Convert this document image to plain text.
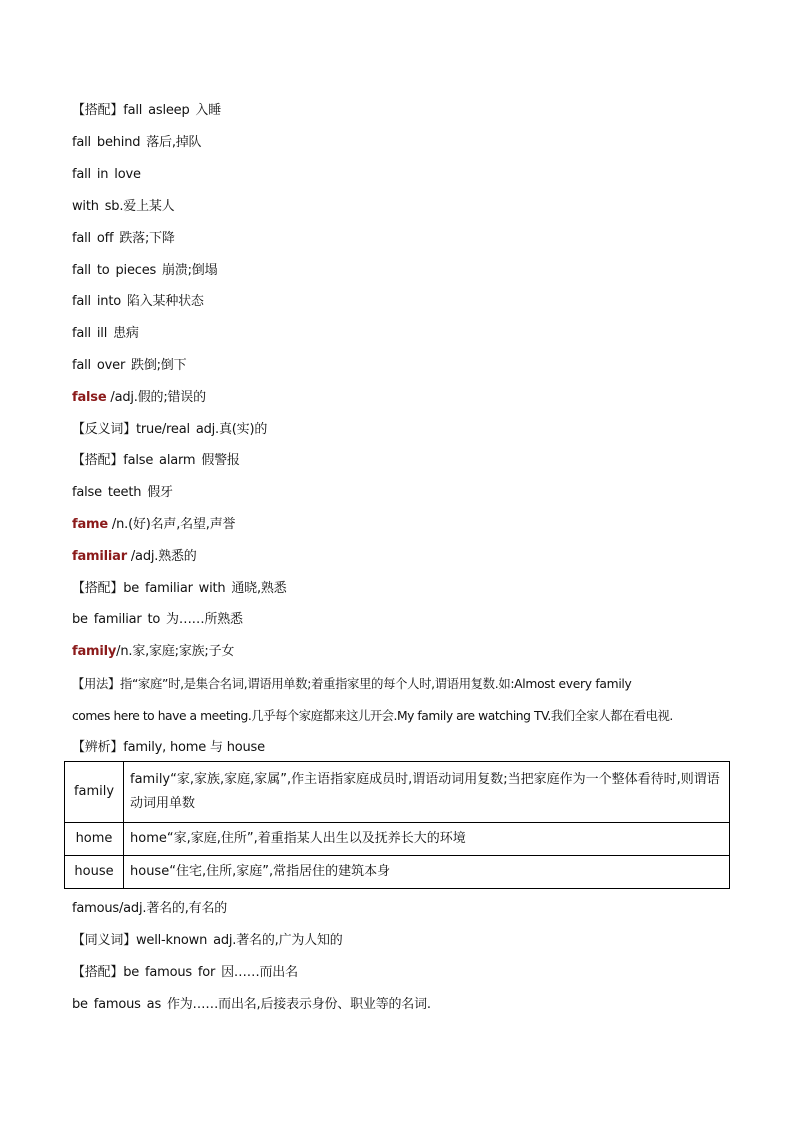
【搭配】fall asleep 入睡
fall behind 落后,掉队
fall in love
with sb.爱上某人
fall off 跌落;下降
fall to pieces 崩溃;倒塌
fall into 陷入某种状态
fall ill 患病
fall over 跌倒;倒下
false /adj.假的;错误的
【反义词】true/real adj.真(实)的
【搭配】false alarm 假警报
false teeth 假牙
fame /n.(好)名声,名望,声誉
familiar /adj.熟悉的
【搭配】be familiar with 通晓,熟悉
be familiar to 为……所熟悉
family/n.家,家庭;家族;子女
【用法】指“家庭”时,是集合名词,谓语用单数;着重指家里的每个人时,谓语用复数.如:Almost every family
comes here to have a meeting.几乎每个家庭都来这儿开会.My family are watching TV.我们全家人都在看电视.
【辨析】family, home 与 house
family	family“家,家族,家庭,家属”,作主语指家庭成员时,谓语动词用复数;当把家庭作为一个整体看待时,则谓语动词用单数
home	home“家,家庭,住所”,着重指某人出生以及抚养长大的环境
house	house“住宅,住所,家庭”,常指居住的建筑本身
famous/adj.著名的,有名的
【同义词】well-known adj.著名的,广为人知的
【搭配】be famous for 因……而出名
be famous as 作为……而出名,后接表示身份、职业等的名词.
